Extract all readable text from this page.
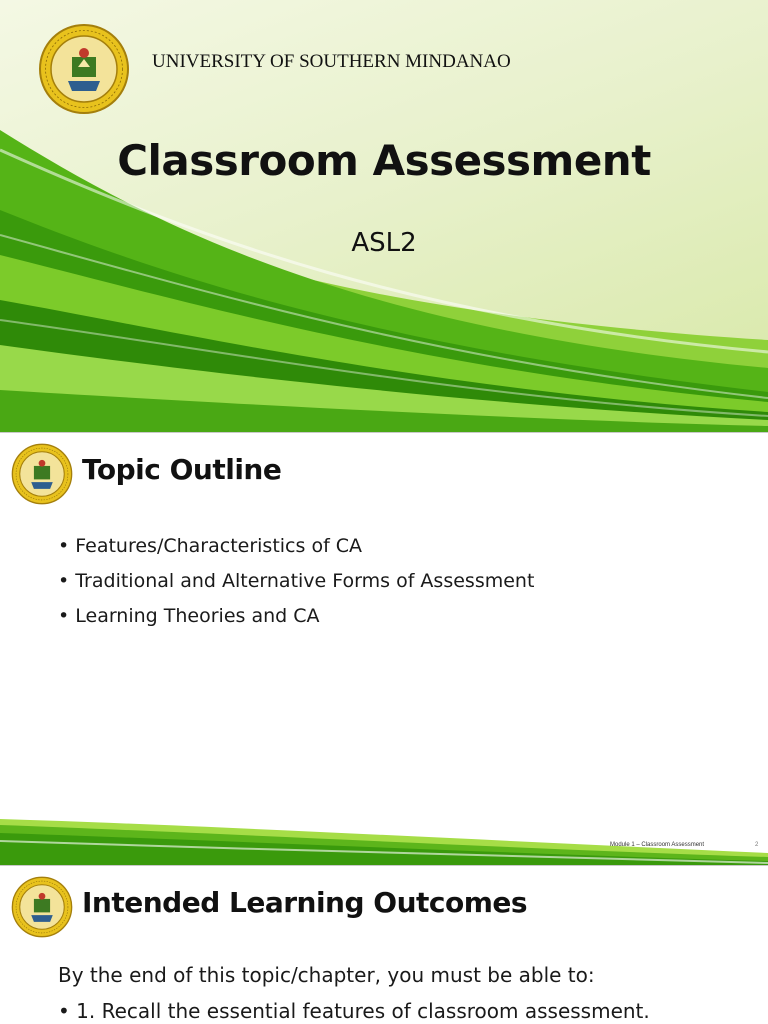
UNIVERSITY OF SOUTHERN MINDANAO
Classroom Assessment
ASL2
Topic Outline
• Features/Characteristics of CA
• Traditional and Alternative Forms of Assessment
• Learning Theories and CA
Module 1 – Classroom Assessment	2
Intended Learning Outcomes
By the end of this topic/chapter, you must be able to:
• 1. Recall the essential features of classroom assessment.
